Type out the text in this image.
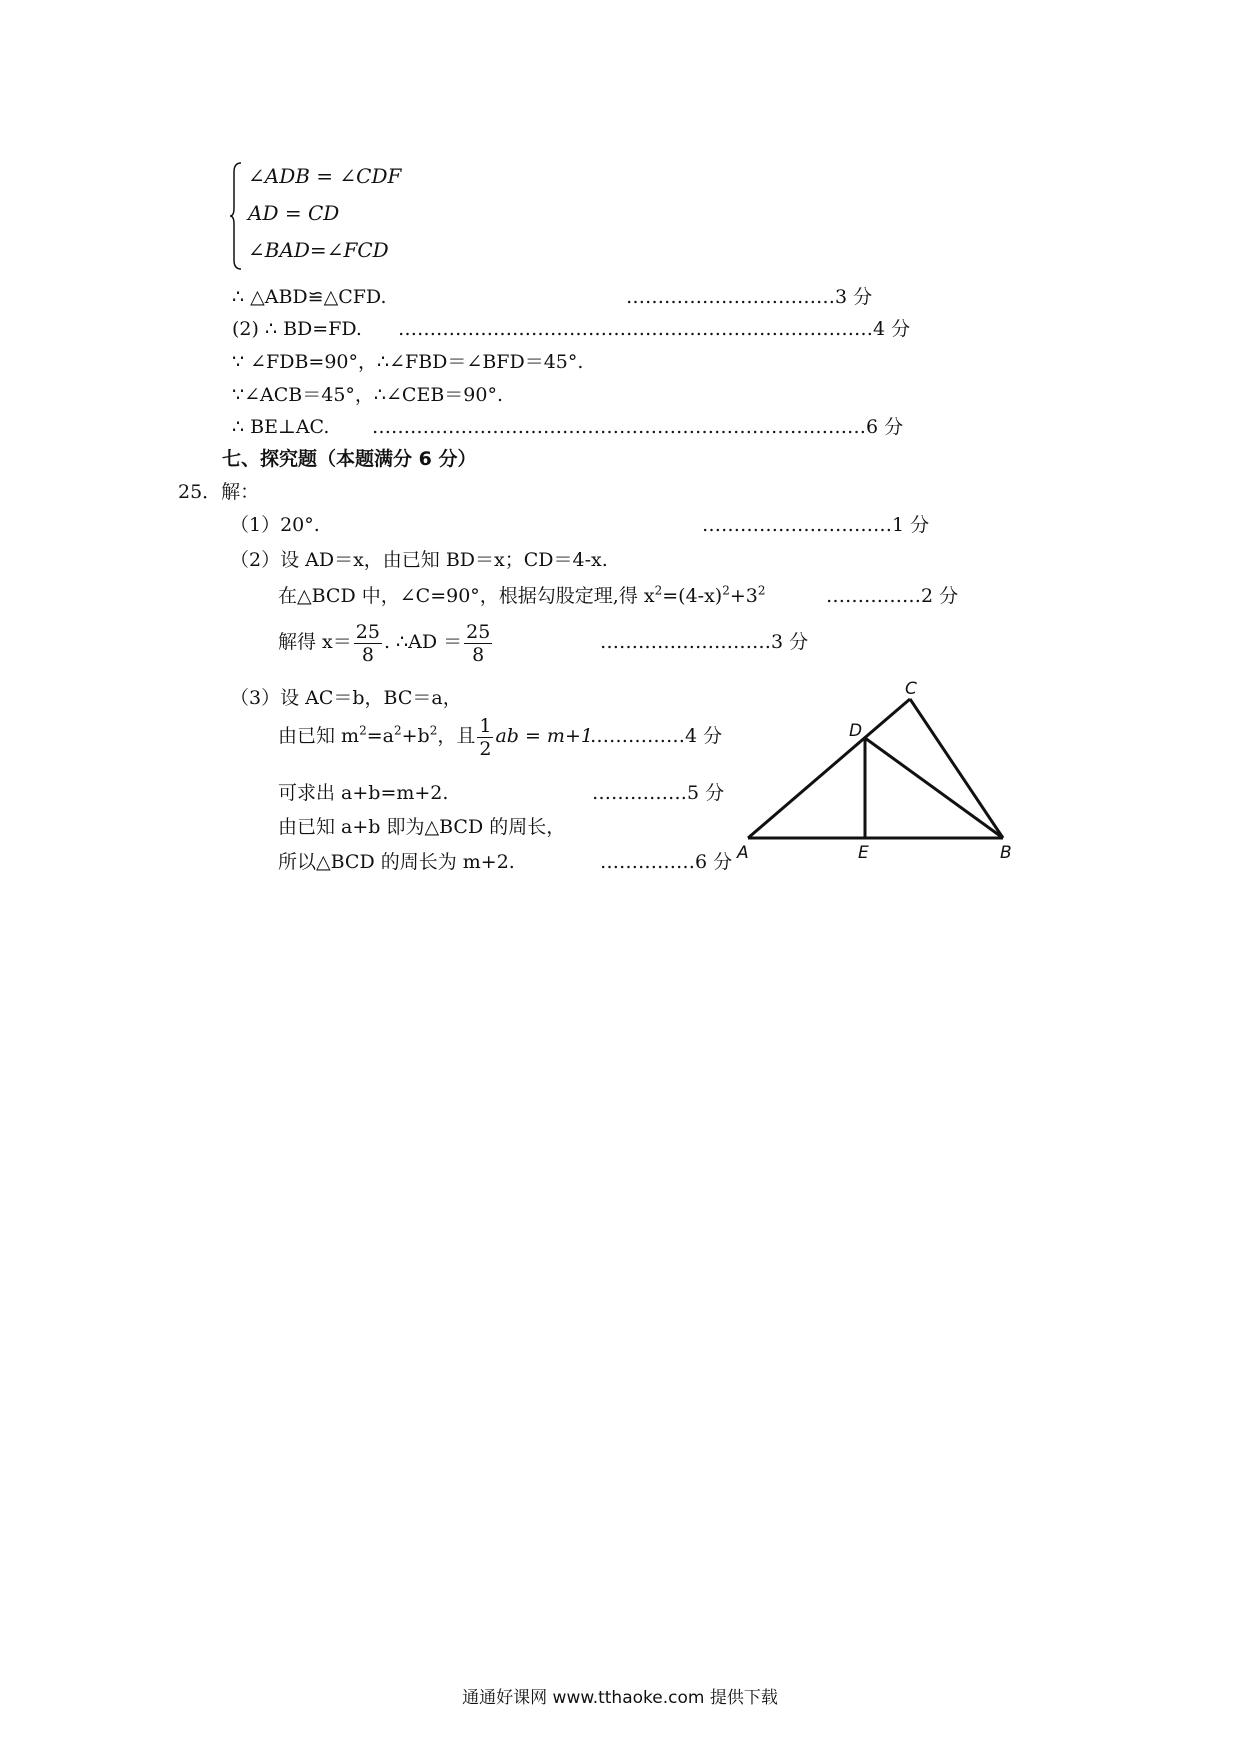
∠ADB = ∠CDF
AD = CD
∠BAD=∠FCD
∴ △ABD≌△CFD.	……………………………3 分
(2) ∴ BD=FD. …………………………………………………………………4 分
∵ ∠FDB=90°，∴∠FBD＝∠BFD＝45°.
∵∠ACB＝45°，∴∠CEB＝90°.
∴ BE⊥AC. ……………………………………………………………………6 分
七、探究题（本题满分 6 分）
25．解：
（1）20°.	…………………………1 分
（2）设 AD＝x，由已知 BD＝x；CD＝4-x.
在△BCD 中，∠C=90°，根据勾股定理,得 $x^2=(4-x)^2+3^2$	……………2 分
解得 $x= \frac{25}{8}$ . ∴AD ＝ $\frac{25}{8}$	………………………3 分
（3）设 AC＝b，BC＝a，
由已知 $m^2=a^2+b^2$，且 $\frac{1}{2}$ ab = m+1
……………4 分
可求出 a+b=m+2.	……………5 分
由已知 a+b 即为△BCD 的周长，
所以△BCD 的周长为 m+2.	……………6 分 A	B
C
D
E
通通好课网 www.tthaoke.com 提供下载
